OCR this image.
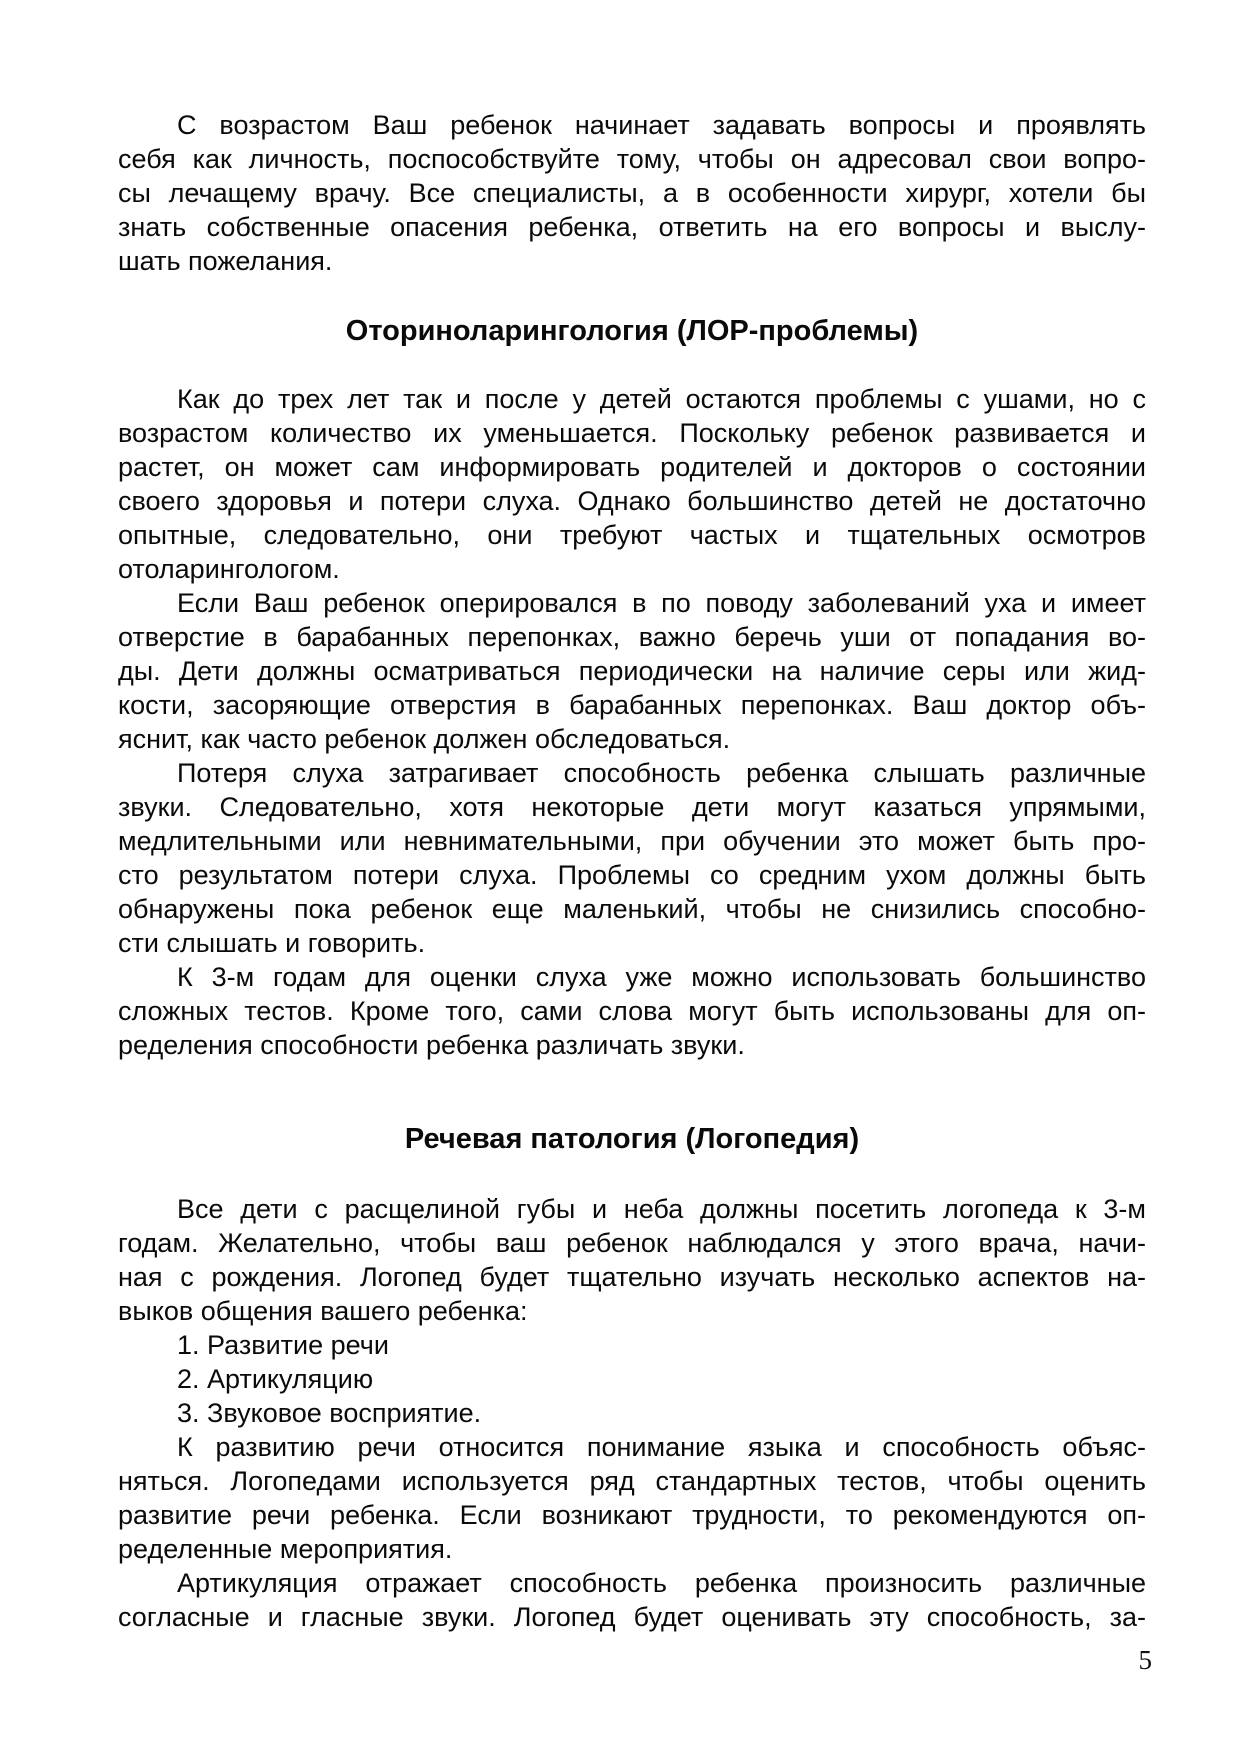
С возрастом Ваш ребенок начинает задавать вопросы и проявлять
себя как личность, поспособствуйте тому, чтобы он адресовал свои вопро-
сы лечащему врачу. Все специалисты, а в особенности хирург, хотели бы
знать собственные опасения ребенка, ответить на его вопросы и выслу-
шать пожелания.
Оториноларингология (ЛОР-проблемы)
Как до трех лет так и после у детей остаются проблемы с ушами, но с
возрастом количество их уменьшается. Поскольку ребенок развивается и
растет, он может сам информировать родителей и докторов о состоянии
своего здоровья и потери слуха. Однако большинство детей не достаточно
опытные, следовательно, они требуют частых и тщательных осмотров
отоларингологом.
Если Ваш ребенок оперировался в по поводу заболеваний уха и имеет
отверстие в барабанных перепонках, важно беречь уши от попадания во-
ды. Дети должны осматриваться периодически на наличие серы или жид-
кости, засоряющие отверстия в барабанных перепонках. Ваш доктор объ-
яснит, как часто ребенок должен обследоваться.
Потеря слуха затрагивает способность ребенка слышать различные
звуки. Следовательно, хотя некоторые дети могут казаться упрямыми,
медлительными или невнимательными, при обучении это может быть про-
сто результатом потери слуха. Проблемы со средним ухом должны быть
обнаружены пока ребенок еще маленький, чтобы не снизились способно-
сти слышать и говорить.
К 3-м годам для оценки слуха уже можно использовать большинство
сложных тестов. Кроме того, сами слова могут быть использованы для оп-
ределения способности ребенка различать звуки.
Речевая патология (Логопедия)
Все дети с расщелиной губы и неба должны посетить логопеда к 3-м
годам. Желательно, чтобы ваш ребенок наблюдался у этого врача, начи-
ная с рождения. Логопед будет тщательно изучать несколько аспектов на-
выков общения вашего ребенка:
1. Развитие речи
2. Артикуляцию
3. Звуковое восприятие.
К развитию речи относится понимание языка и способность объяс-
няться. Логопедами используется ряд стандартных тестов, чтобы оценить
развитие речи ребенка. Если возникают трудности, то рекомендуются оп-
ределенные мероприятия.
Артикуляция отражает способность ребенка произносить различные
согласные и гласные звуки. Логопед будет оценивать эту способность, за-
5
